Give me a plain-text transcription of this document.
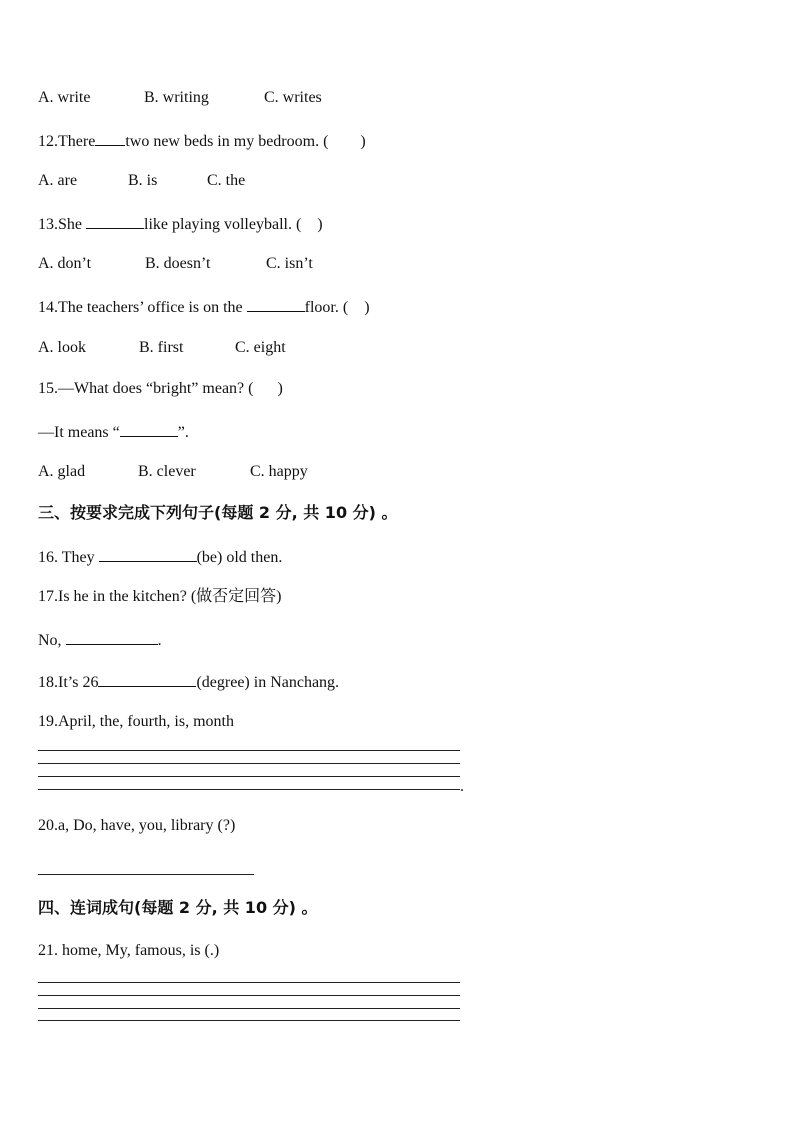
A. write	B. writing	C. writes
12.There two new beds in my bedroom. (        )
A. are	B. is	C. the
13.She	like playing volleyball. (    )
A. don’t	B. doesn’t	C. isn’t
14.The teachers’ office is on the	floor. (    )
A. look	B. first	C. eight
15.—What does “bright” mean? (      )
—It means “	”.
A. glad	B. clever	C. happy
三、按要求完成下列句子(每题 2 分, 共 10 分) 。
16. They	(be) old then.
17.Is he in the kitchen? (做否定回答)
No,	.
18.It’s 26	(degree) in Nanchang.
19.April, the, fourth, is, month
.
20.a, Do, have, you, library (?)
四、连词成句(每题 2 分, 共 10 分) 。
21. home, My, famous, is (.)
